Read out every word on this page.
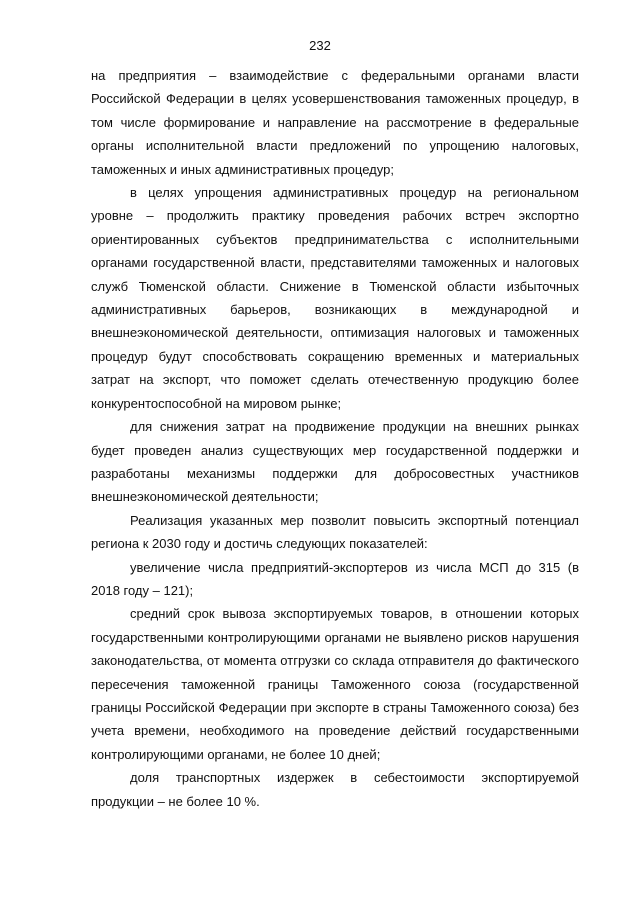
232

на предприятия – взаимодействие с федеральными органами власти Российской Федерации в целях усовершенствования таможенных процедур, в том числе формирование и направление на рассмотрение в федеральные органы исполнительной власти предложений по упрощению налоговых, таможенных и иных административных процедур;

в целях упрощения административных процедур на региональном уровне – продолжить практику проведения рабочих встреч экспортно ориентированных субъектов предпринимательства с исполнительными органами государственной власти, представителями таможенных и налоговых служб Тюменской области. Снижение в Тюменской области избыточных административных барьеров, возникающих в международной и внешнеэкономической деятельности, оптимизация налоговых и таможенных процедур будут способствовать сокращению временных и материальных затрат на экспорт, что поможет сделать отечественную продукцию более конкурентоспособной на мировом рынке;

для снижения затрат на продвижение продукции на внешних рынках будет проведен анализ существующих мер государственной поддержки и разработаны механизмы поддержки для добросовестных участников внешнеэкономической деятельности;

Реализация указанных мер позволит повысить экспортный потенциал региона к 2030 году и достичь следующих показателей:

увеличение числа предприятий-экспортеров из числа МСП до 315 (в 2018 году – 121);

средний срок вывоза экспортируемых товаров, в отношении которых государственными контролирующими органами не выявлено рисков нарушения законодательства, от момента отгрузки со склада отправителя до фактического пересечения таможенной границы Таможенного союза (государственной границы Российской Федерации при экспорте в страны Таможенного союза) без учета времени, необходимого на проведение действий государственными контролирующими органами, не более 10 дней;

доля транспортных издержек в себестоимости экспортируемой продукции – не более 10 %.
